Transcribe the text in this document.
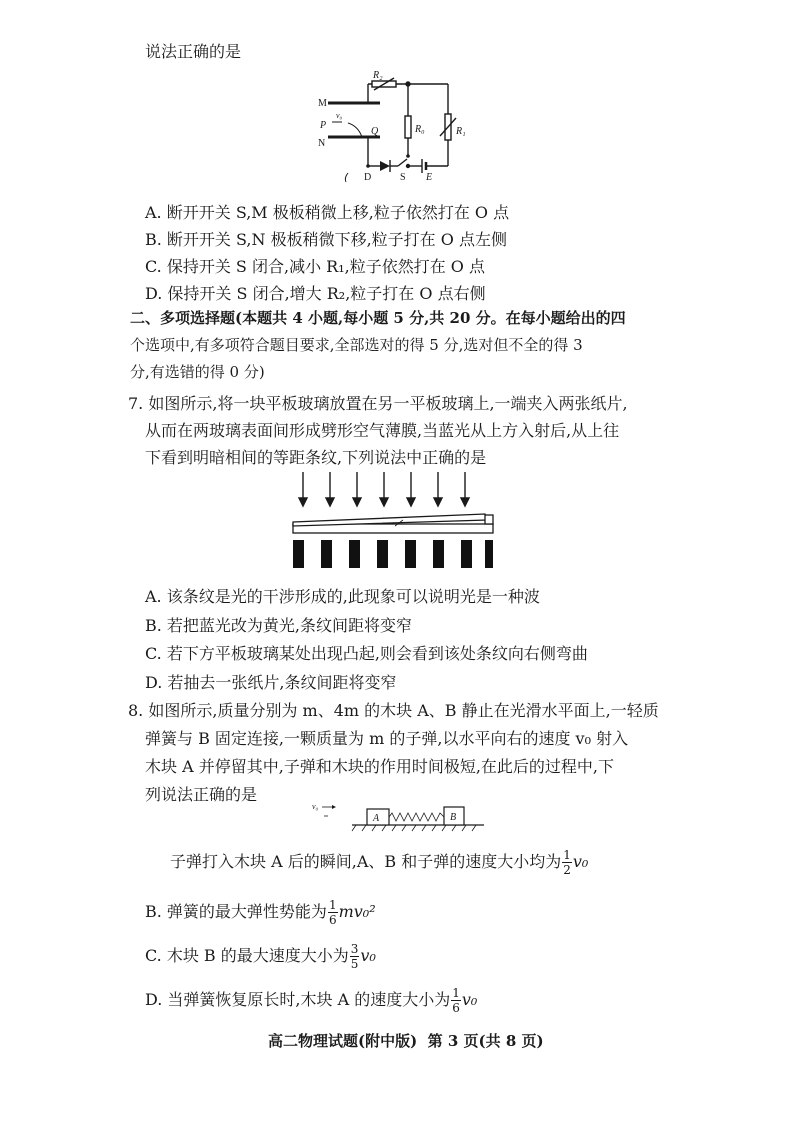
说法正确的是
M
N
P
v₀
Q
R₂
R₀	R₁
D	S E
A. 断开开关 S,M 极板稍微上移,粒子依然打在 O 点
B. 断开开关 S,N 极板稍微下移,粒子打在 O 点左侧
C. 保持开关 S 闭合,减小 R₁,粒子依然打在 O 点
D. 保持开关 S 闭合,增大 R₂,粒子打在 O 点右侧
二、多项选择题(本题共 4 小题,每小题 5 分,共 20 分。在每小题给出的四
个选项中,有多项符合题目要求,全部选对的得 5 分,选对但不全的得 3
分,有选错的得 0 分)
7. 如图所示,将一块平板玻璃放置在另一平板玻璃上,一端夹入两张纸片,
从而在两玻璃表面间形成劈形空气薄膜,当蓝光从上方入射后,从上往
下看到明暗相间的等距条纹,下列说法中正确的是
A. 该条纹是光的干涉形成的,此现象可以说明光是一种波
B. 若把蓝光改为黄光,条纹间距将变窄
C. 若下方平板玻璃某处出现凸起,则会看到该处条纹向右侧弯曲
D. 若抽去一张纸片,条纹间距将变窄
8. 如图所示,质量分别为 m、4m 的木块 A、B 静止在光滑水平面上,一轻质
弹簧与 B 固定连接,一颗质量为 m 的子弹,以水平向右的速度 v₀ 射入
木块 A 并停留其中,子弹和木块的作用时间极短,在此后的过程中,下
列说法正确的是
v₀
A	B
子弹打入木块 A 后的瞬间,A、B 和子弹的速度大小均为 $\frac{1}{2} v_0$
B. 弹簧的最大弹性势能为 $\frac{1}{6} mv_0^2$
C. 木块 B 的最大速度大小为 $\frac{3}{5} v_0$
D. 当弹簧恢复原长时,木块 A 的速度大小为 $\frac{1}{6} v_0$
高二物理试题(附中版)  第 3 页(共 8 页)
